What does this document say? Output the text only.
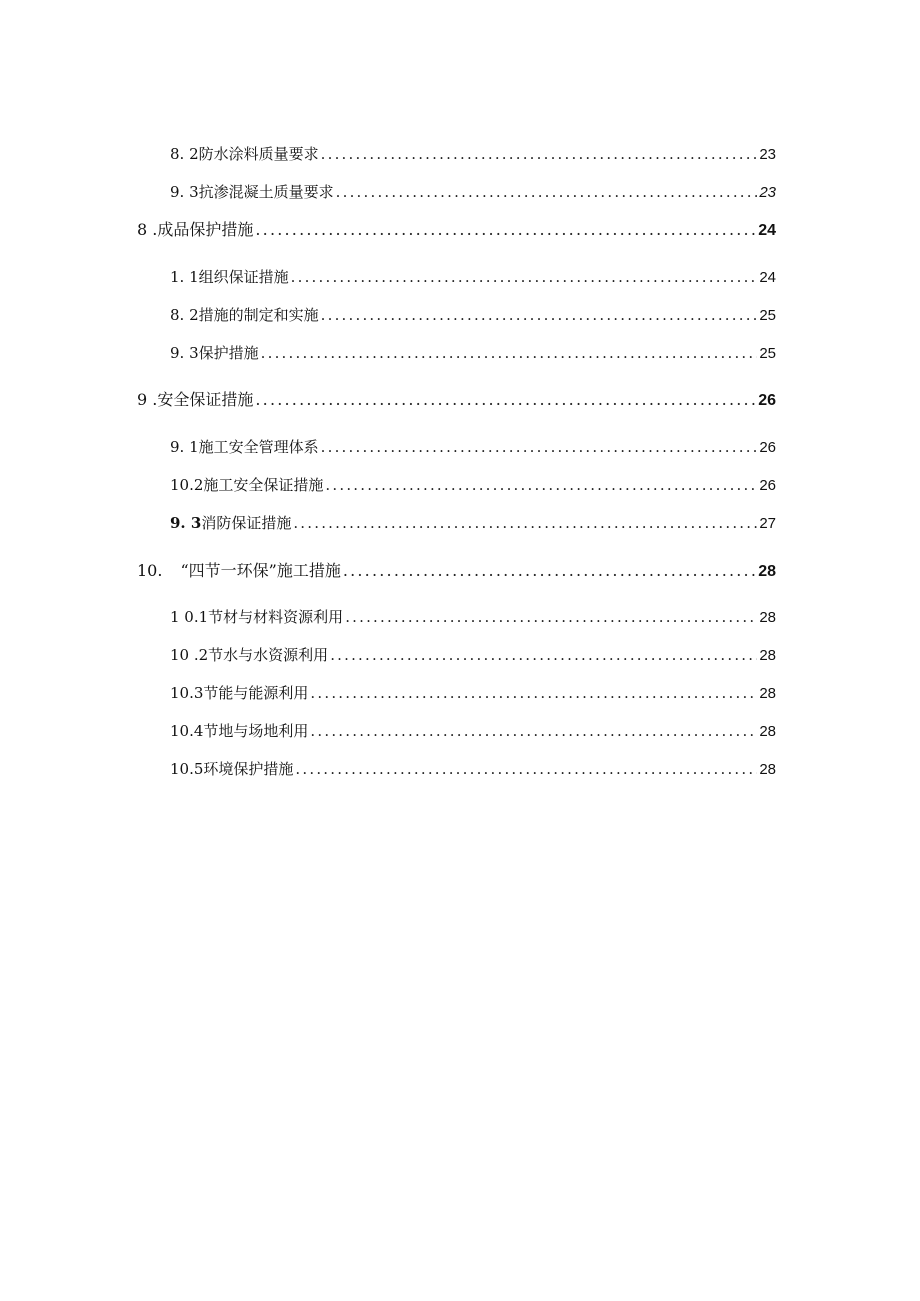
8. 2 防水涂料质量要求 .....	23
9. 3 抗渗混凝土质量要求 .....	23
8 . 成品保护措施 .....	24
1. 1 组织保证措施 .....	24
8. 2 措施的制定和实施 .....	25
9. 3 保护措施 .....	25
9 . 安全保证措施 .....	26
9. 1 施工安全管理体系 .....	26
10.2 施工安全保证措施 .....	26
9. 3 消防保证措施 .....	27
10. “四节一环保”施工措施 .....	28
1 0.1 节材与材料资源利用 .....	28
10 .2 节水与水资源利用 .....	28
10.3 节能与能源利用 .....	28
10.4 节地与场地利用 .....	28
10.5 环境保护措施 .....	28
